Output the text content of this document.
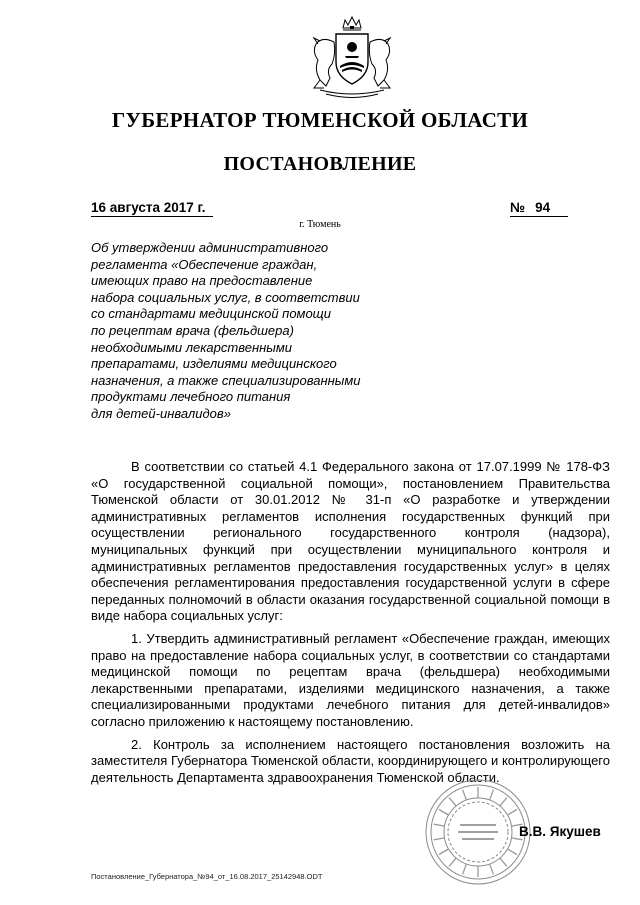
ГУБЕРНАТОР ТЮМЕНСКОЙ ОБЛАСТИ
ПОСТАНОВЛЕНИЕ
16 августа 2017 г.	№ 94
г. Тюмень
Об утверждении административного
регламента «Обеспечение граждан,
имеющих право на предоставление
набора социальных услуг, в соответствии
со стандартами медицинской помощи
по рецептам врача (фельдшера)
необходимыми лекарственными
препаратами, изделиями медицинского
назначения, а также специализированными
продуктами лечебного питания
для детей-инвалидов»

В соответствии со статьей 4.1 Федерального закона от 17.07.1999 № 178-ФЗ «О государственной социальной помощи», постановлением Правительства Тюменской области от 30.01.2012 № 31-п «О разработке и утверждении административных регламентов исполнения государственных функций при осуществлении регионального государственного контроля (надзора), муниципальных функций при осуществлении муниципального контроля и административных регламентов предоставления государственных услуг» в целях обеспечения регламентирования предоставления государственной услуги в сфере переданных полномочий в области оказания государственной социальной помощи в виде набора социальных услуг:

1. Утвердить административный регламент «Обеспечение граждан, имеющих право на предоставление набора социальных услуг, в соответствии со стандартами медицинской помощи по рецептам врача (фельдшера) необходимыми лекарственными препаратами, изделиями медицинского назначения, а также специализированными продуктами лечебного питания для детей-инвалидов» согласно приложению к настоящему постановлению.

2. Контроль за исполнением настоящего постановления возложить на заместителя Губернатора Тюменской области, координирующего и контролирующего деятельность Департамента здравоохранения Тюменской области.

В.В. Якушев
Постановление_Губернатора_№94_от_16.08.2017_25142948.ODT
